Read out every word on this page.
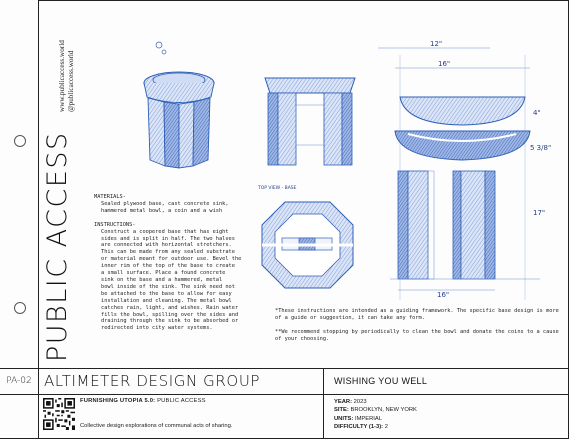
PUBLIC ACCESS
www.publicaccess.world @publicaccess.world
TOP VIEW - BASE
12"
16"
4"
5 3/8"
17"
16"
MATERIALS-
Sealed plywood base, cast concrete sink,
hammered metal bowl, a coin and a wish
INSTRUCTIONS-
Construct a coopered base that has eight
sides and is split in half. The two halves
are connected with horizontal stretchers.
This can be made from any sealed substrate
or material meant for outdoor use. Bevel the
inner rim of the top of the base to create
a small surface. Place a found concrete
sink on the base and a hammered, metal
bowl inside of the sink. The sink need not
be attached to the base to allow for easy
installation and cleaning. The metal bowl
catches rain, light, and wishes. Rain water
fills the bowl, spilling over the sides and
draining through the sink to be absorbed or
redirected into city water systems.

*These instructions are intended as a guiding framework. The specific base design is more of a guide or suggestion, it can take any form.

**We recommend stopping by periodically to clean the bowl and donate the coins to a cause of your choosing.

PA-02 ALTIMETER DESIGN GROUP	WISHING YOU WELL
FURNISHING UTOPIA 5.0: PUBLIC ACCESS
Collective design explorations of communal acts of sharing.
YEAR: 2023
SITE: BROOKLYN, NEW YORK
UNITS: IMPERIAL
DIFFICULTY (1-3): 2
